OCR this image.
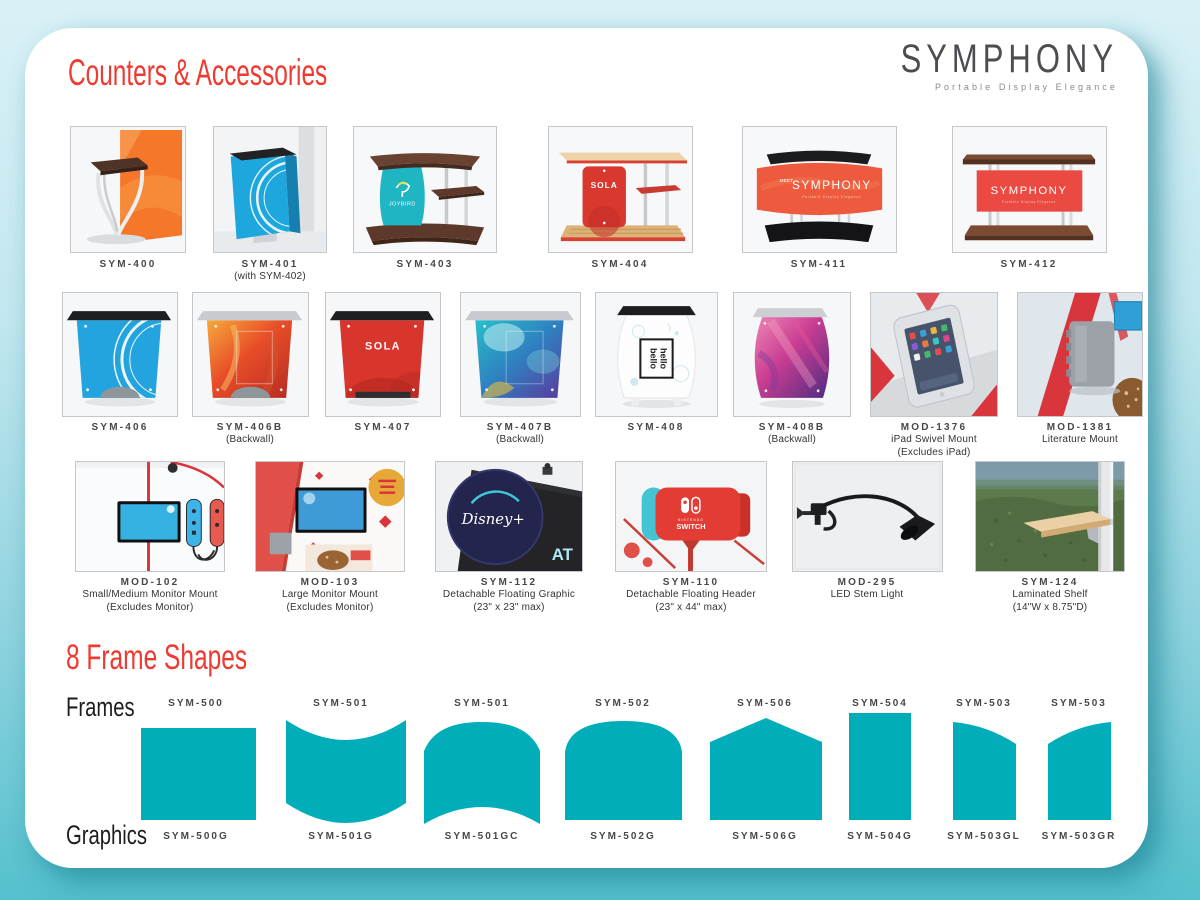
Counters & Accessories	SYMPHONY
Portable Display Elegance
SYM-400	SYM-401
(with SYM-402)
JOYBIRD
SYM-403
SOLA
SYM-404
MEET
SYMPHONY
Portable Display Elegance
SYM-411
SYMPHONY
Portable Display Elegance
SYM-412
SYM-406	SYM-406B
(Backwall)
SOLA
SYM-407	SYM-407B
(Backwall)
hello
bello
SYM-408	SYM-408B
(Backwall)
MOD-1376
iPad Swivel Mount
(Excludes iPad)
MOD-1381
Literature Mount
MOD-102
Small/Medium Monitor Mount
(Excludes Monitor)
MOD-103
Large Monitor Mount
(Excludes Monitor)
Disney+
AT
SYM-112
Detachable Floating Graphic
(23" x 23" max)
NINTENDO
SWITCH
SYM-110
Detachable Floating Header
(23" x 44" max)
MOD-295
LED Stem Light
SYM-124
Laminated Shelf
(14"W x 8.75"D)
8 Frame Shapes
Frames
Graphics
SYM-500	SYM-501	SYM-501	SYM-502	SYM-506	SYM-504	SYM-503	SYM-503
SYM-500G	SYM-501G	SYM-501GC	SYM-502G	SYM-506G	SYM-504G	SYM-503GL	SYM-503GR
